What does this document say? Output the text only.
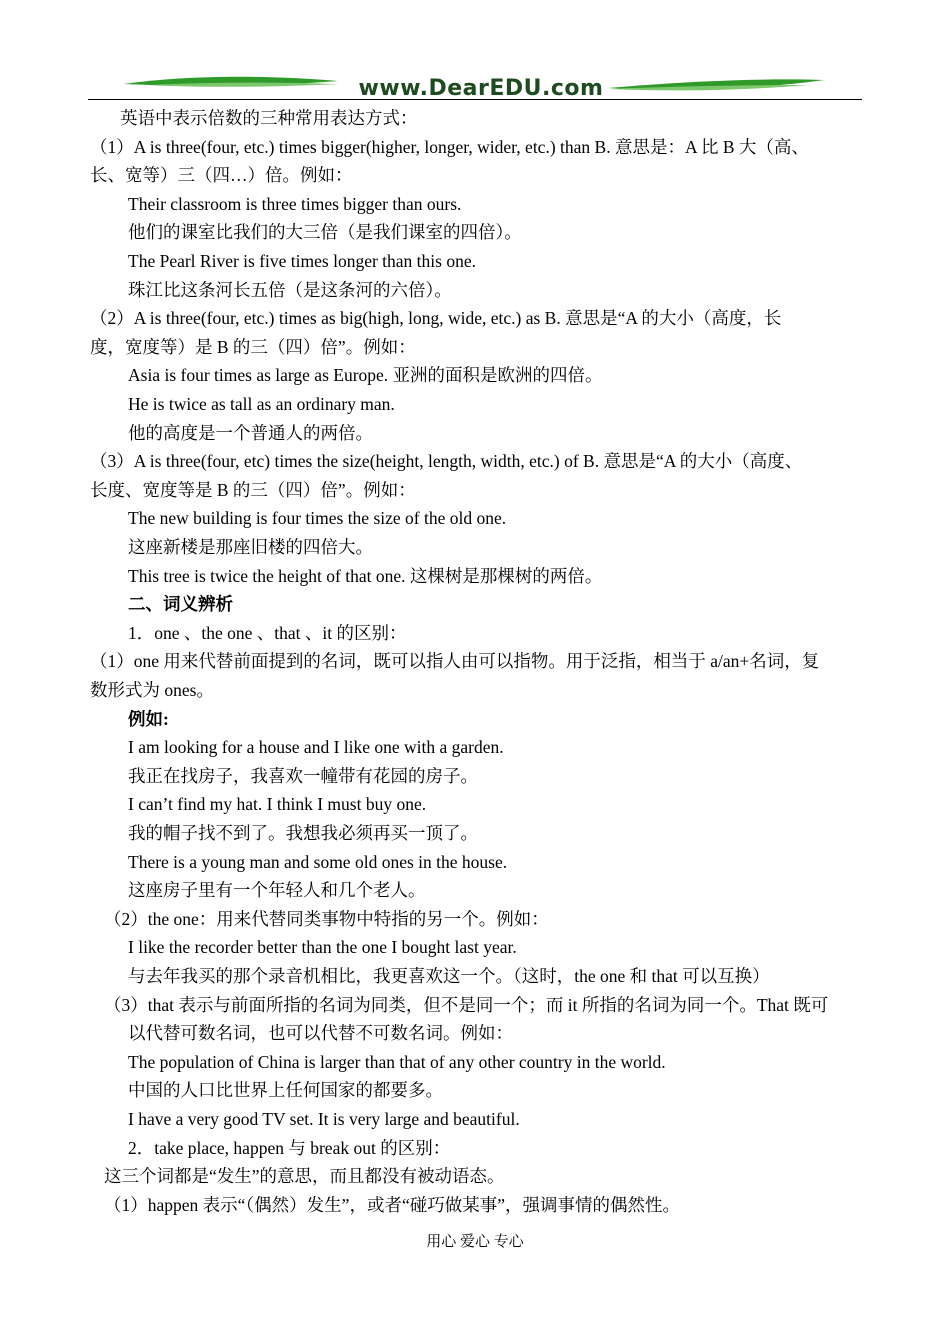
www.DearEDU.com
英语中表示倍数的三种常用表达方式：
（1）A is three(four, etc.) times bigger(higher, longer, wider, etc.) than B. 意思是：A 比 B 大（高、
长、宽等）三（四…）倍。例如：
Their classroom is three times bigger than ours.
他们的课室比我们的大三倍（是我们课室的四倍）。
The Pearl River is five times longer than this one.
珠江比这条河长五倍（是这条河的六倍）。
（2）A is three(four, etc.) times as big(high, long, wide, etc.) as B. 意思是“A 的大小（高度，长
度，宽度等）是 B 的三（四）倍”。例如：
Asia is four times as large as Europe. 亚洲的面积是欧洲的四倍。
He is twice as tall as an ordinary man.
他的高度是一个普通人的两倍。
（3）A is three(four, etc) times the size(height, length, width, etc.) of B. 意思是“A 的大小（高度、
长度、宽度等是 B 的三（四）倍”。例如：
The new building is four times the size of the old one.
这座新楼是那座旧楼的四倍大。
This tree is twice the height of that one. 这棵树是那棵树的两倍。
二、词义辨析
1．one 、the one 、that 、it 的区别：
（1）one 用来代替前面提到的名词，既可以指人由可以指物。用于泛指，相当于 a/an+名词，复
数形式为 ones。
例如:
I am looking for a house and I like one with a garden.
我正在找房子，我喜欢一幢带有花园的房子。
I can’t find my hat. I think I must buy one.
我的帽子找不到了。我想我必须再买一顶了。
There is a young man and some old ones in the house.
这座房子里有一个年轻人和几个老人。
（2）the one：用来代替同类事物中特指的另一个。例如：
I like the recorder better than the one I bought last year.
与去年我买的那个录音机相比，我更喜欢这一个。（这时，the one 和 that 可以互换）
（3）that 表示与前面所指的名词为同类，但不是同一个；而 it 所指的名词为同一个。That 既可
以代替可数名词，也可以代替不可数名词。例如：
The population of China is larger than that of any other country in the world.
中国的人口比世界上任何国家的都要多。
I have a very good TV set. It is very large and beautiful.
2．take place, happen 与 break out 的区别：
这三个词都是“发生”的意思，而且都没有被动语态。
（1）happen 表示“（偶然）发生”，或者“碰巧做某事”，强调事情的偶然性。
用心 爱心 专心
